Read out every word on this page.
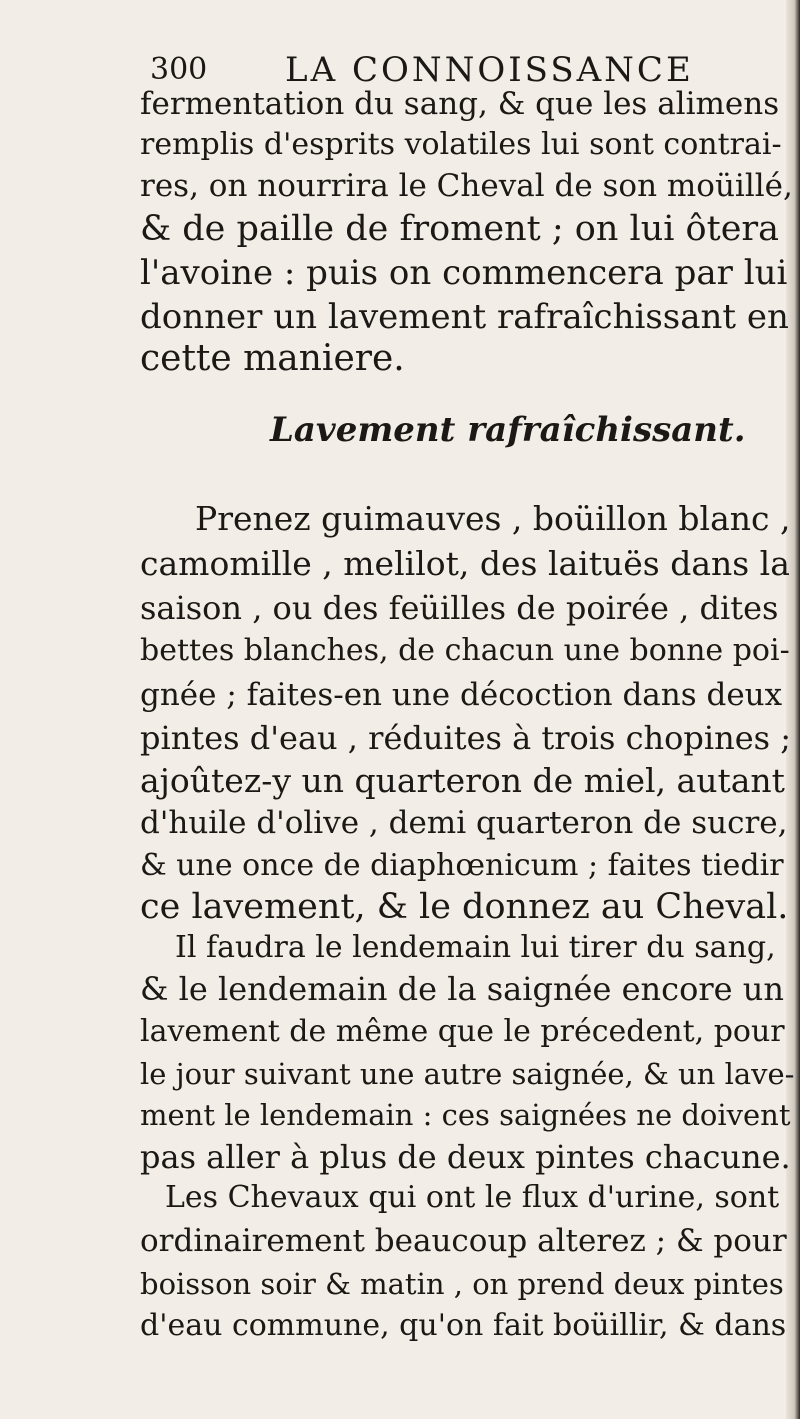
300 LA CONNOISSANCE
fermentation du sang, & que les alimens
remplis d'esprits volatiles lui sont contrai-
res, on nourrira le Cheval de son moüillé,
& de paille de froment ; on lui ôtera
l'avoine : puis on commencera par lui
donner un lavement rafraîchissant en
cette maniere.
Lavement rafraîchissant.
Prenez guimauves , boüillon blanc ,
camomille , melilot, des laituës dans la
saison , ou des feüilles de poirée , dites
bettes blanches, de chacun une bonne poi-
gnée ; faites-en une décoction dans deux
pintes d'eau , réduites à trois chopines ;
ajoûtez-y un quarteron de miel, autant
d'huile d'olive , demi quarteron de sucre,
& une once de diaphœnicum ; faites tiedir
ce lavement, & le donnez au Cheval.
Il faudra le lendemain lui tirer du sang,
& le lendemain de la saignée encore un
lavement de même que le précedent, pour
le jour suivant une autre saignée, & un lave-
ment le lendemain : ces saignées ne doivent
pas aller à plus de deux pintes chacune.
Les Chevaux qui ont le flux d'urine, sont
ordinairement beaucoup alterez ; & pour
boisson soir & matin , on prend deux pintes
d'eau commune, qu'on fait boüillir, & dans
